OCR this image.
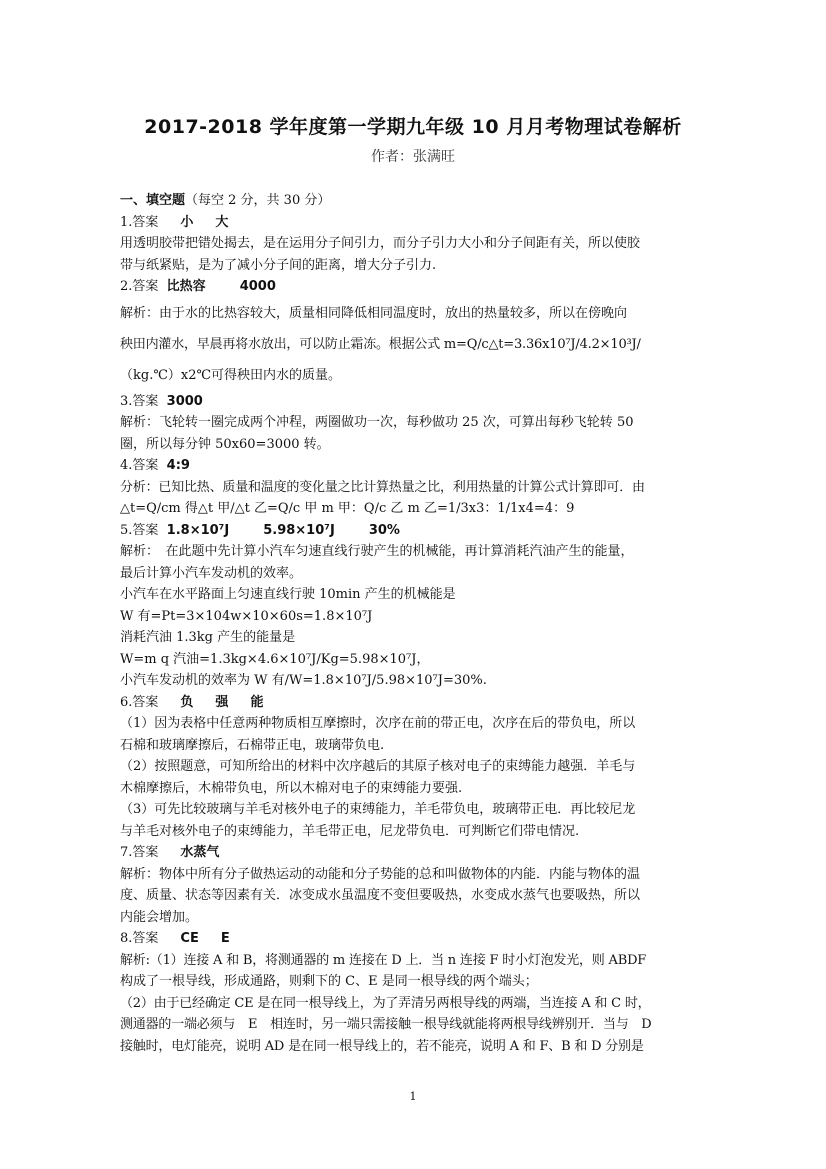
2017-2018 学年度第一学期九年级 10 月月考物理试卷解析
作者：张满旺
一、填空题（每空 2 分，共 30 分）
1.答案 小 大
用透明胶带把错处揭去，是在运用分子间引力，而分子引力大小和分子间距有关，所以使胶
带与纸紧贴，是为了减小分子间的距离，增大分子引力.
2.答案 比热容	4000
解析：由于水的比热容较大，质量相同降低相同温度时，放出的热量较多，所以在傍晚向
秧田内灌水，早晨再将水放出，可以防止霜冻。根据公式 m=Q/c△t=3.36x10⁷J/4.2×10³J/
（kg.℃）x2℃可得秧田内水的质量。
3.答案 3000
解析：飞轮转一圈完成两个冲程，两圈做功一次，每秒做功 25 次，可算出每秒飞轮转 50
圈，所以每分钟 50x60=3000 转。
4.答案 4:9
分析：已知比热、质量和温度的变化量之比计算热量之比，利用热量的计算公式计算即可．由
△t=Q/cm 得△t 甲/△t 乙=Q/c 甲 m 甲：Q/c 乙 m 乙=1/3x3：1/1x4=4：9
5.答案 1.8×10⁷J	5.98×10⁷J	30%
解析：　在此题中先计算小汽车匀速直线行驶产生的机械能，再计算消耗汽油产生的能量，
最后计算小汽车发动机的效率。
小汽车在水平路面上匀速直线行驶 10min 产生的机械能是
W 有=Pt=3×104w×10×60s=1.8×10⁷J
消耗汽油 1.3kg 产生的能量是
W=m q 汽油=1.3kg×4.6×10⁷J/Kg=5.98×10⁷J，
小汽车发动机的效率为 W 有/W=1.8×10⁷J/5.98×10⁷J=30%.
6.答案 负 强 能
（1）因为表格中任意两种物质相互摩擦时，次序在前的带正电，次序在后的带负电，所以
石棉和玻璃摩擦后，石棉带正电，玻璃带负电.
（2）按照题意，可知所给出的材料中次序越后的其原子核对电子的束缚能力越强．羊毛与
木棉摩擦后，木棉带负电，所以木棉对电子的束缚能力要强.
（3）可先比较玻璃与羊毛对核外电子的束缚能力，羊毛带负电，玻璃带正电．再比较尼龙
与羊毛对核外电子的束缚能力，羊毛带正电，尼龙带负电．可判断它们带电情况.
7.答案 水蒸气
解析：物体中所有分子做热运动的动能和分子势能的总和叫做物体的内能．内能与物体的温
度、质量、状态等因素有关．冰变成水虽温度不变但要吸热，水变成水蒸气也要吸热，所以
内能会增加。
8.答案 CE E
解析:（1）连接 A 和 B，将测通器的 m 连接在 D 上．当 n 连接 F 时小灯泡发光，则 ABDF
构成了一根导线，形成通路，则剩下的 C、E 是同一根导线的两个端头；
（2）由于已经确定 CE 是在同一根导线上，为了弄清另两根导线的两端，当连接 A 和 C 时，
测通器的一端必须与　E　相连时，另一端只需接触一根导线就能将两根导线辨别开．当与　D
接触时，电灯能亮，说明 AD 是在同一根导线上的，若不能亮，说明 A 和 F、B 和 D 分别是
1
